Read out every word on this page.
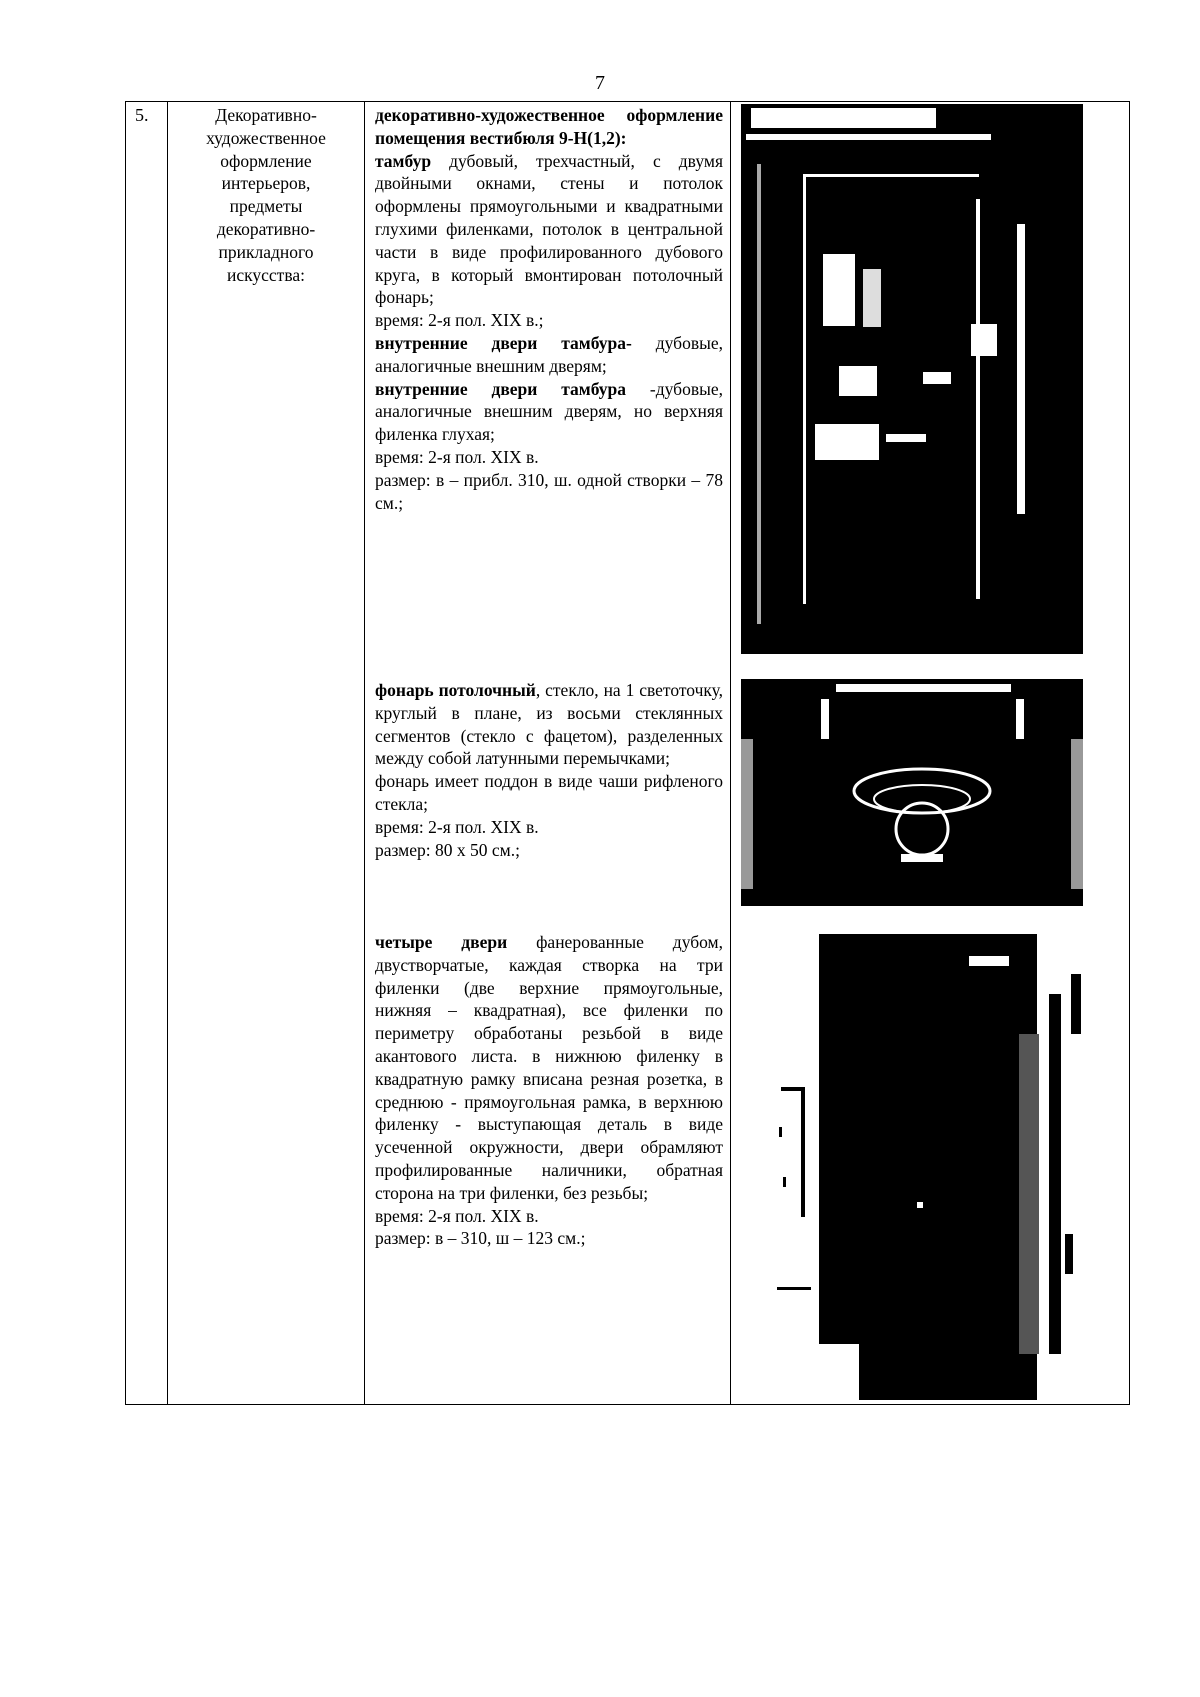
7
5.	Декоративно-
художественное
оформление
интерьеров,
предметы
декоративно-
прикладного
искусства:

декоративно-художественное оформление помещения вестибюля 9-Н(1,2):

тамбур дубовый, трехчастный, с двумя двойными окнами, стены и потолок оформлены прямоугольными и квадратными глухими филенками, потолок в центральной части в виде профилированного дубового круга, в который вмонтирован потолочный фонарь;

время: 2-я пол. XIX в.;

внутренние двери тамбура- дубовые, аналогичные внешним дверям;

внутренние двери тамбура -дубовые, аналогичные внешним дверям, но верхняя филенка глухая;

время: 2-я пол. XIX в.

размер: в – прибл. 310, ш. одной створки – 78 см.;

фонарь потолочный, стекло, на 1 светоточку, круглый в плане, из восьми стеклянных сегментов (стекло с фацетом), разделенных между собой латунными перемычками;

фонарь имеет поддон в виде чаши рифленого стекла;

время: 2-я пол. XIX в.

размер: 80 х 50 см.;

четыре двери фанерованные дубом, двустворчатые, каждая створка на три филенки (две верхние прямоугольные, нижняя – квадратная), все филенки по периметру обработаны резьбой в виде акантового листа. в нижнюю филенку в квадратную рамку вписана резная розетка, в среднюю - прямоугольная рамка, в верхнюю филенку - выступающая деталь в виде усеченной окружности, двери обрамляют профилированные наличники, обратная сторона на три филенки, без резьбы;

время: 2-я пол. XIX в.

размер: в – 310, ш – 123 см.;
